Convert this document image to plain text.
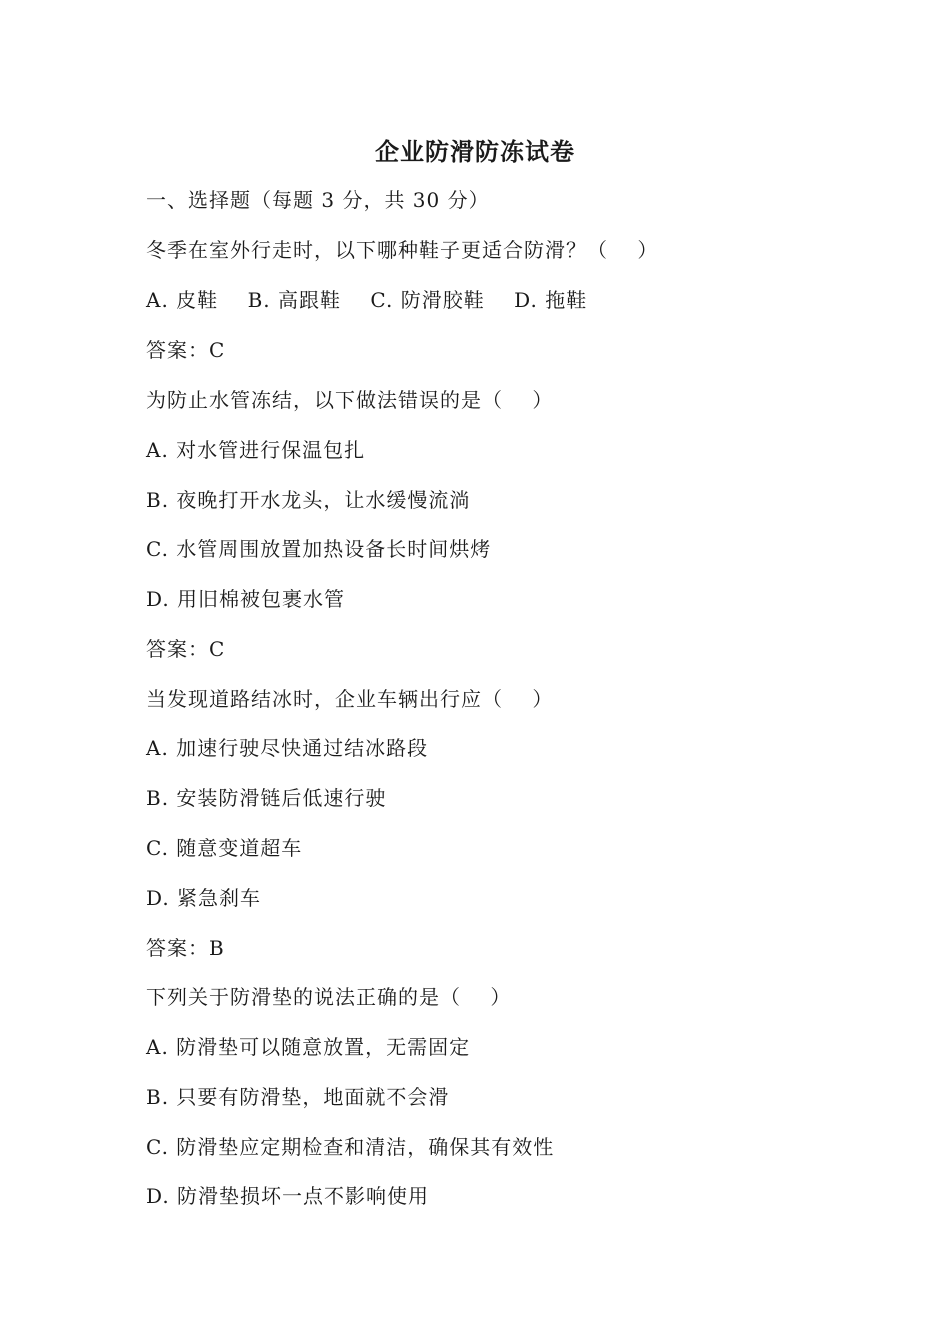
企业防滑防冻试卷
一、选择题（每题 3 分，共 30 分）
冬季在室外行走时，以下哪种鞋子更适合防滑？（    ）
A. 皮鞋    B. 高跟鞋    C. 防滑胶鞋    D. 拖鞋
答案：C
为防止水管冻结，以下做法错误的是（    ）
A. 对水管进行保温包扎
B. 夜晚打开水龙头，让水缓慢流淌
C. 水管周围放置加热设备长时间烘烤
D. 用旧棉被包裹水管
答案：C
当发现道路结冰时，企业车辆出行应（    ）
A. 加速行驶尽快通过结冰路段
B. 安装防滑链后低速行驶
C. 随意变道超车
D. 紧急刹车
答案：B
下列关于防滑垫的说法正确的是（    ）
A. 防滑垫可以随意放置，无需固定
B. 只要有防滑垫，地面就不会滑
C. 防滑垫应定期检查和清洁，确保其有效性
D. 防滑垫损坏一点不影响使用
